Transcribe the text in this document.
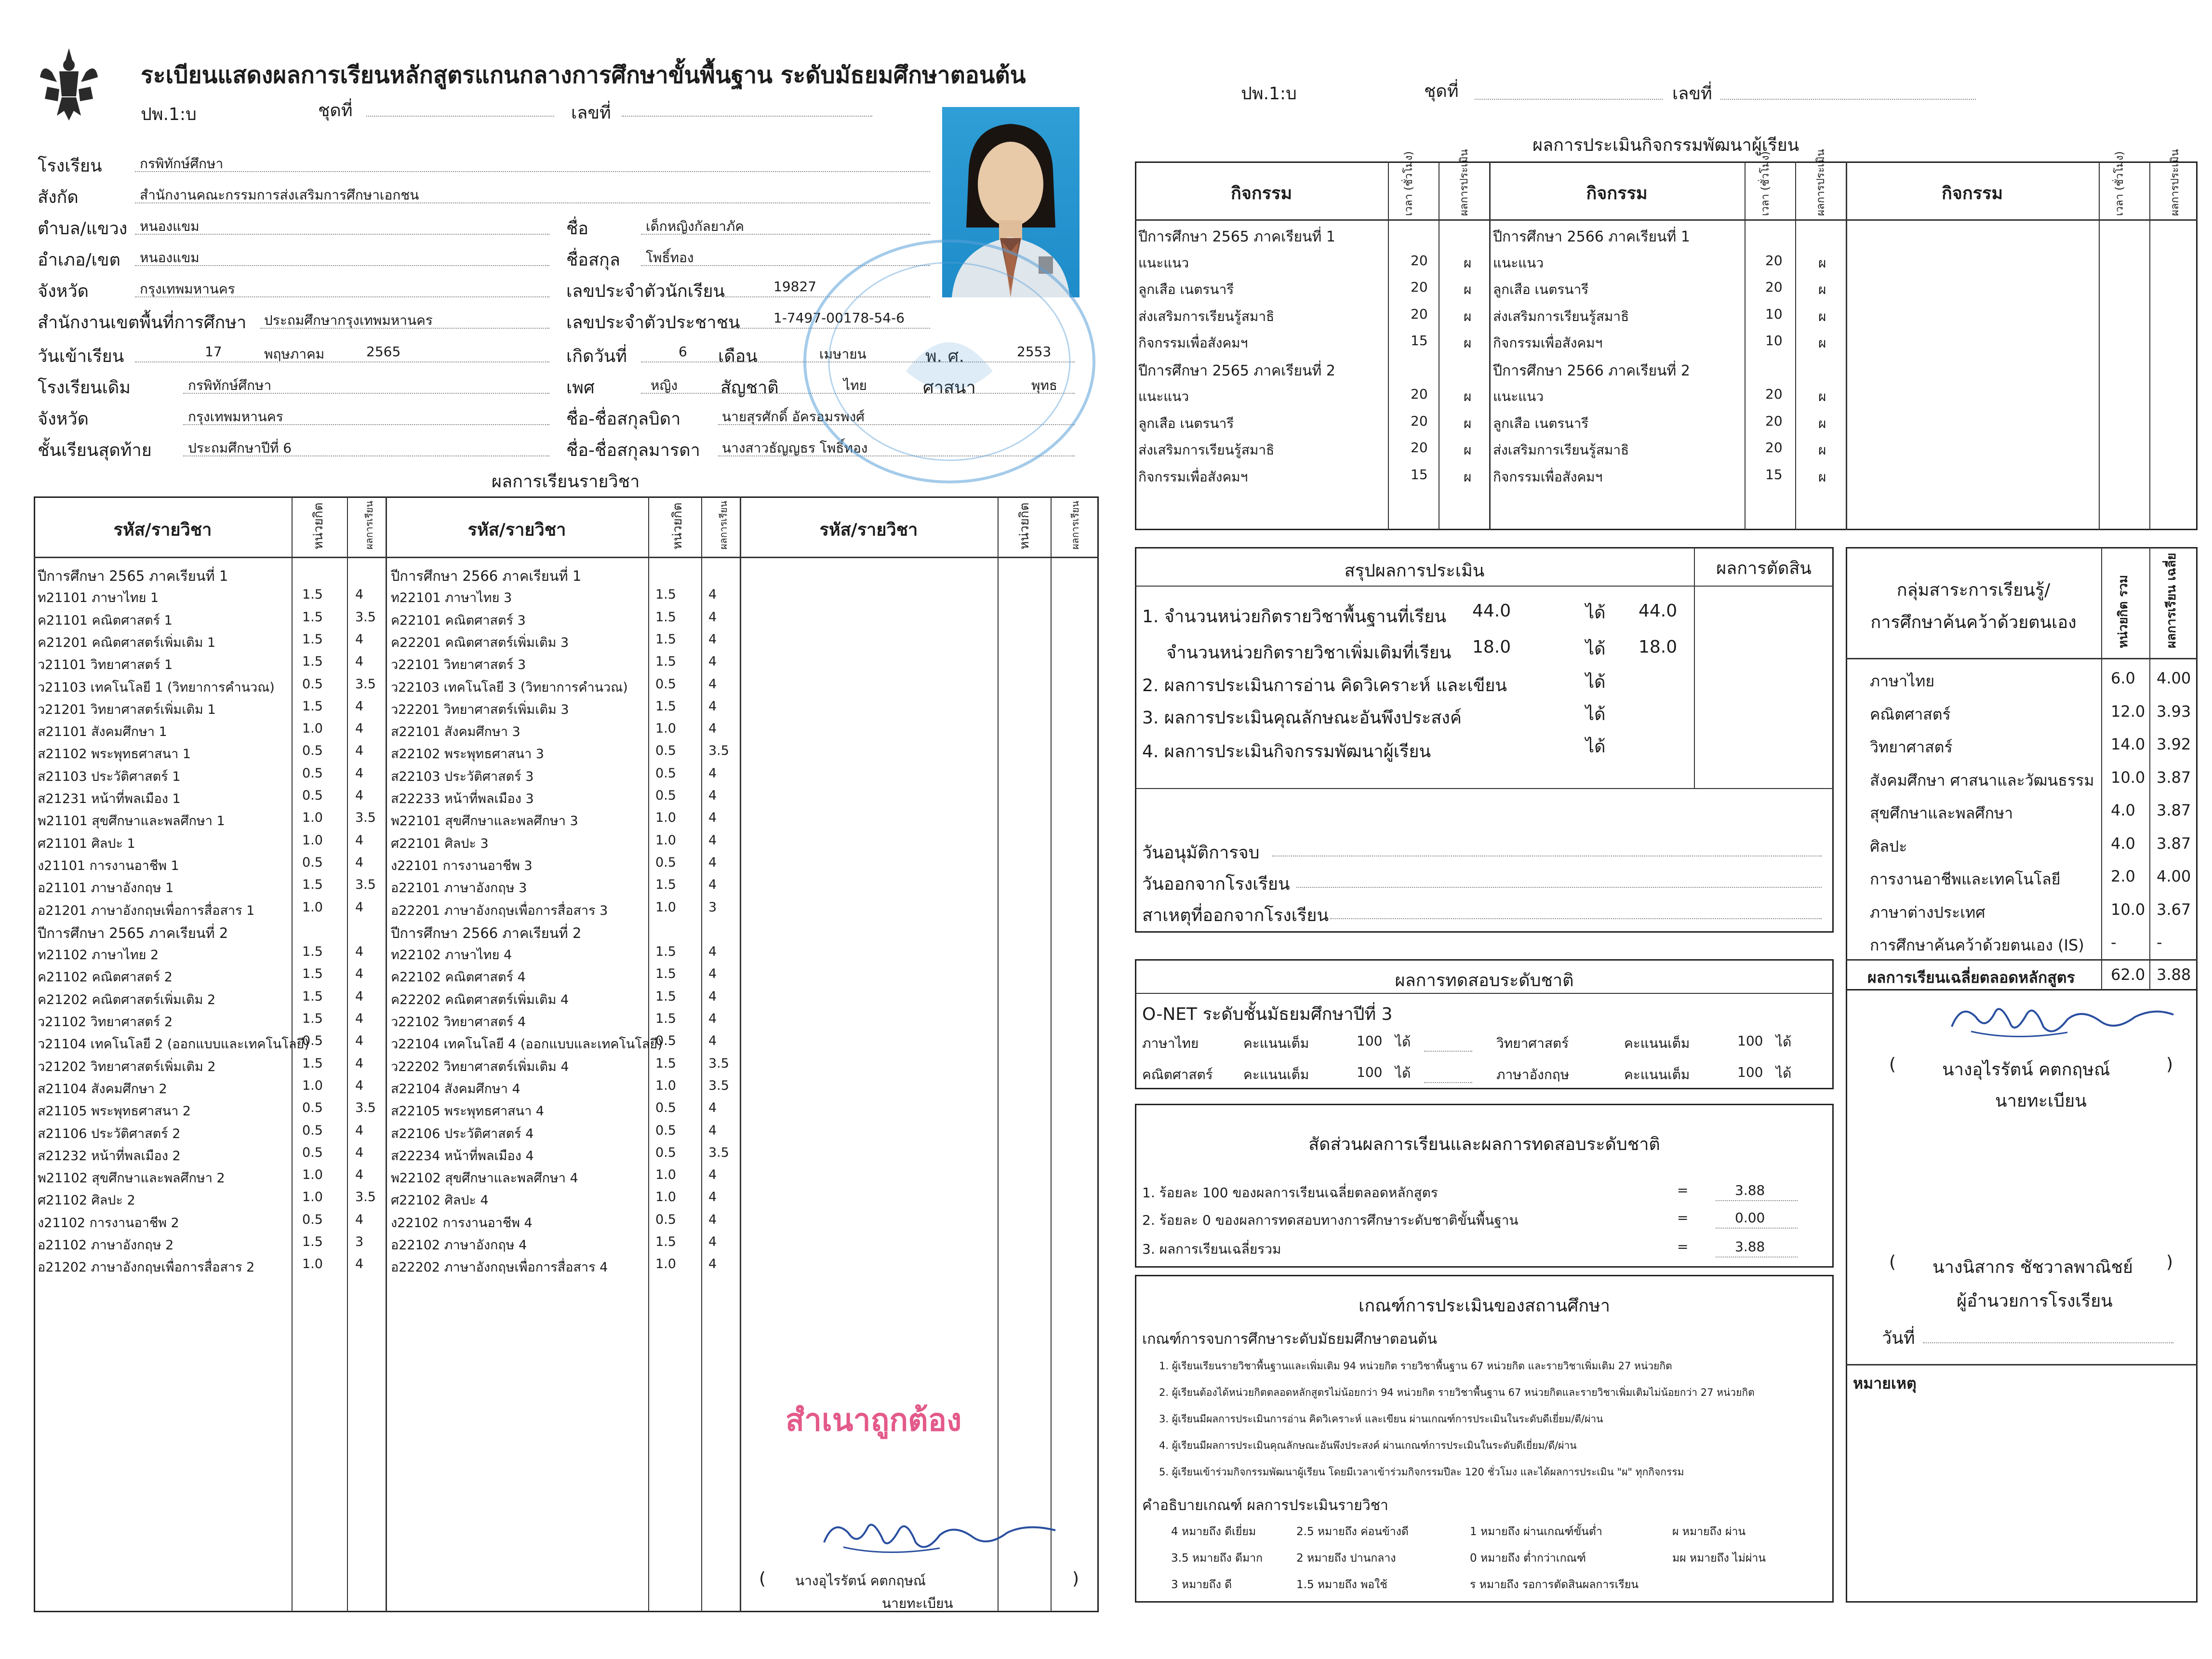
ระเบียนแสดงผลการเรียนหลักสูตรแกนกลางการศึกษาขั้นพื้นฐาน ระดับมัธยมศึกษาตอนต้น
ปพ.1:บ	ชุดที่	เลขที่
โรงเรียน	กรพิทักษ์ศึกษา
สังกัด	สำนักงานคณะกรรมการส่งเสริมการศึกษาเอกชน
ตำบล/แขวง หนองแขม
อำเภอ/เขต หนองแขม
จังหวัด	กรุงเทพมหานคร
สำนักงานเขตพื้นที่การศึกษา ประถมศึกษากรุงเทพมหานคร
วันเข้าเรียน	17	พฤษภาคม	2565
โรงเรียนเดิม	กรพิทักษ์ศึกษา
จังหวัด	กรุงเทพมหานคร
ชั้นเรียนสุดท้าย	ประถมศึกษาปีที่ 6
ชื่อ	เด็กหญิงกัลยาภัค
ชื่อสกุล โพธิ์ทอง
เลขประจำตัวนักเรียน	19827
เลขประจำตัวประชาชน 1-7497-00178-54-6
เกิดวันที่	6 เดือน	เมษายน	พ. ศ.	2553
เพศ	หญิง สัญชาติ	ไทย	ศาสนา	พุทธ
ชื่อ-ชื่อสกุลบิดา	นายสุรศักดิ์ อัครอมรพงศ์
ชื่อ-ชื่อสกุลมารดา นางสาวธัญญธร โพธิ์ทอง
ผลการเรียนรายวิชา
รหัส/รายวิชา	หน่วยกิต	ผลการเรียน	รหัส/รายวิชา	หน่วยกิต	ผลการเรียน	รหัส/รายวิชา	หน่วยกิต	ผลการเรียน
ปีการศึกษา 2565 ภาคเรียนที่ 1
ท21101 ภาษาไทย 1	1.5 4
ค21101 คณิตศาสตร์ 1	1.5 3.5
ค21201 คณิตศาสตร์เพิ่มเติม 1	1.5 4
ว21101 วิทยาศาสตร์ 1	1.5 4
ว21103 เทคโนโลยี 1 (วิทยาการคำนวณ) 0.5 3.5
ว21201 วิทยาศาสตร์เพิ่มเติม 1	1.5 4
ส21101 สังคมศึกษา 1	1.0 4
ส21102 พระพุทธศาสนา 1	0.5 4
ส21103 ประวัติศาสตร์ 1	0.5 4
ส21231 หน้าที่พลเมือง 1	0.5 4
พ21101 สุขศึกษาและพลศึกษา 1	1.0 3.5
ศ21101 ศิลปะ 1	1.0 4
ง21101 การงานอาชีพ 1	0.5 4
อ21101 ภาษาอังกฤษ 1	1.5 3.5
อ21201 ภาษาอังกฤษเพื่อการสื่อสาร 1	1.0 4
ปีการศึกษา 2565 ภาคเรียนที่ 2
ท21102 ภาษาไทย 2	1.5 4
ค21102 คณิตศาสตร์ 2	1.5 4
ค21202 คณิตศาสตร์เพิ่มเติม 2	1.5 4
ว21102 วิทยาศาสตร์ 2	1.5 4
ว21104 เทคโนโลยี 2 (ออกแบบและเทคโนโลยี)
0.5 4
ว21202 วิทยาศาสตร์เพิ่มเติม 2	1.5 4
ส21104 สังคมศึกษา 2	1.0 4
ส21105 พระพุทธศาสนา 2	0.5 3.5
ส21106 ประวัติศาสตร์ 2	0.5 4
ส21232 หน้าที่พลเมือง 2	0.5 4
พ21102 สุขศึกษาและพลศึกษา 2	1.0 4
ศ21102 ศิลปะ 2	1.0 3.5
ง21102 การงานอาชีพ 2	0.5 4
อ21102 ภาษาอังกฤษ 2	1.5 3
อ21202 ภาษาอังกฤษเพื่อการสื่อสาร 2	1.0 4
ปีการศึกษา 2566 ภาคเรียนที่ 1
ท22101 ภาษาไทย 3	1.5 4
ค22101 คณิตศาสตร์ 3	1.5 4
ค22201 คณิตศาสตร์เพิ่มเติม 3	1.5 4
ว22101 วิทยาศาสตร์ 3	1.5 4
ว22103 เทคโนโลยี 3 (วิทยาการคำนวณ) 0.5 4
ว22201 วิทยาศาสตร์เพิ่มเติม 3	1.5 4
ส22101 สังคมศึกษา 3	1.0 4
ส22102 พระพุทธศาสนา 3	0.5 3.5
ส22103 ประวัติศาสตร์ 3	0.5 4
ส22233 หน้าที่พลเมือง 3	0.5 4
พ22101 สุขศึกษาและพลศึกษา 3	1.0 4
ศ22101 ศิลปะ 3	1.0 4
ง22101 การงานอาชีพ 3	0.5 4
อ22101 ภาษาอังกฤษ 3	1.5 4
อ22201 ภาษาอังกฤษเพื่อการสื่อสาร 3	1.0 3
ปีการศึกษา 2566 ภาคเรียนที่ 2
ท22102 ภาษาไทย 4	1.5 4
ค22102 คณิตศาสตร์ 4	1.5 4
ค22202 คณิตศาสตร์เพิ่มเติม 4	1.5 4
ว22102 วิทยาศาสตร์ 4	1.5 4
ว22104 เทคโนโลยี 4 (ออกแบบและเทคโนโลยี)
0.5 4
ว22202 วิทยาศาสตร์เพิ่มเติม 4	1.5 3.5
ส22104 สังคมศึกษา 4	1.0 3.5
ส22105 พระพุทธศาสนา 4	0.5 4
ส22106 ประวัติศาสตร์ 4	0.5 4
ส22234 หน้าที่พลเมือง 4	0.5 3.5
พ22102 สุขศึกษาและพลศึกษา 4	1.0 4
ศ22102 ศิลปะ 4	1.0 4
ง22102 การงานอาชีพ 4	0.5 4
อ22102 ภาษาอังกฤษ 4	1.5 4
อ22202 ภาษาอังกฤษเพื่อการสื่อสาร 4	1.0 4
สำเนาถูกต้อง
( นางอุไรรัตน์ คตกฤษณ์	)
นายทะเบียน
ปพ.1:บ	ชุดที่	เลขที่
ผลการประเมินกิจกรรมพัฒนาผู้เรียน
กิจกรรม	เวลา (ชั่วโมง)	ผลการประเมิน	กิจกรรม	เวลา (ชั่วโมง)	ผลการประเมิน	กิจกรรม	เวลา (ชั่วโมง)	ผลการประเมิน
ปีการศึกษา 2565 ภาคเรียนที่ 1
แนะแนว	20	ผ
ลูกเสือ เนตรนารี	20	ผ
ส่งเสริมการเรียนรู้สมาธิ	20	ผ
กิจกรรมเพื่อสังคมฯ	15	ผ
ปีการศึกษา 2565 ภาคเรียนที่ 2
แนะแนว	20	ผ
ลูกเสือ เนตรนารี	20	ผ
ส่งเสริมการเรียนรู้สมาธิ	20	ผ
กิจกรรมเพื่อสังคมฯ	15	ผ
ปีการศึกษา 2566 ภาคเรียนที่ 1
แนะแนว	20	ผ
ลูกเสือ เนตรนารี	20	ผ
ส่งเสริมการเรียนรู้สมาธิ	10	ผ
กิจกรรมเพื่อสังคมฯ	10	ผ
ปีการศึกษา 2566 ภาคเรียนที่ 2
แนะแนว	20	ผ
ลูกเสือ เนตรนารี	20	ผ
ส่งเสริมการเรียนรู้สมาธิ	20	ผ
กิจกรรมเพื่อสังคมฯ	15	ผ
สรุปผลการประเมิน	ผลการตัดสิน
1. จำนวนหน่วยกิตรายวิชาพื้นฐานที่เรียน 44.0	ได้ 44.0
จำนวนหน่วยกิตรายวิชาเพิ่มเติมที่เรียน 18.0	ได้ 18.0
2. ผลการประเมินการอ่าน คิดวิเคราะห์ และเขียน	ได้
3. ผลการประเมินคุณลักษณะอันพึงประสงค์	ได้
4. ผลการประเมินกิจกรรมพัฒนาผู้เรียน	ได้
วันอนุมัติการจบ
วันออกจากโรงเรียน
สาเหตุที่ออกจากโรงเรียน
กลุ่มสาระการเรียนรู้/
การศึกษาค้นคว้าด้วยตนเอง	หน่วยกิต รวม	ผลการเรียน เฉลี่ย
ภาษาไทย	6.0 4.00
คณิตศาสตร์	12.0 3.93
วิทยาศาสตร์	14.0 3.92
สังคมศึกษา ศาสนาและวัฒนธรรม 10.0 3.87
สุขศึกษาและพลศึกษา	4.0 3.87
ศิลปะ	4.0 3.87
การงานอาชีพและเทคโนโลยี	2.0 4.00
ภาษาต่างประเทศ	10.0 3.67
การศึกษาค้นคว้าด้วยตนเอง (IS) -	-
ผลการเรียนเฉลี่ยตลอดหลักสูตร 62.0 3.88
ผลการทดสอบระดับชาติ
O-NET ระดับชั้นมัธยมศึกษาปีที่ 3
ภาษาไทย	คะแนนเต็ม	100 ได้	วิทยาศาสตร์	คะแนนเต็ม	100 ได้
คณิตศาสตร์ คะแนนเต็ม	100 ได้	ภาษาอังกฤษ	คะแนนเต็ม	100 ได้
สัดส่วนผลการเรียนและผลการทดสอบระดับชาติ
1. ร้อยละ 100 ของผลการเรียนเฉลี่ยตลอดหลักสูตร	=	3.88
2. ร้อยละ 0 ของผลการทดสอบทางการศึกษาระดับชาติขั้นพื้นฐาน	=	0.00
3. ผลการเรียนเฉลี่ยรวม	=	3.88
เกณฑ์การประเมินของสถานศึกษา
เกณฑ์การจบการศึกษาระดับมัธยมศึกษาตอนต้น
1. ผู้เรียนเรียนรายวิชาพื้นฐานและเพิ่มเติม 94 หน่วยกิต รายวิชาพื้นฐาน 67 หน่วยกิต และรายวิชาเพิ่มเติม 27 หน่วยกิต
2. ผู้เรียนต้องได้หน่วยกิตตลอดหลักสูตรไม่น้อยกว่า 94 หน่วยกิต รายวิชาพื้นฐาน 67 หน่วยกิตและรายวิชาเพิ่มเติมไม่น้อยกว่า 27 หน่วยกิต
3. ผู้เรียนมีผลการประเมินการอ่าน คิดวิเคราะห์ และเขียน ผ่านเกณฑ์การประเมินในระดับดีเยี่ยม/ดี/ผ่าน
4. ผู้เรียนมีผลการประเมินคุณลักษณะอันพึงประสงค์ ผ่านเกณฑ์การประเมินในระดับดีเยี่ยม/ดี/ผ่าน
5. ผู้เรียนเข้าร่วมกิจกรรมพัฒนาผู้เรียน โดยมีเวลาเข้าร่วมกิจกรรมปีละ 120 ชั่วโมง และได้ผลการประเมิน "ผ" ทุกกิจกรรม
คำอธิบายเกณฑ์ ผลการประเมินรายวิชา
4 หมายถึง ดีเยี่ยม	2.5 หมายถึง ค่อนข้างดี	1 หมายถึง ผ่านเกณฑ์ขั้นต่ำ	ผ หมายถึง ผ่าน
3.5 หมายถึง ดีมาก	2 หมายถึง ปานกลาง	0 หมายถึง ต่ำกว่าเกณฑ์	มผ หมายถึง ไม่ผ่าน
3 หมายถึง ดี	1.5 หมายถึง พอใช้	ร หมายถึง รอการตัดสินผลการเรียน
(	นางอุไรรัตน์ คตกฤษณ์	)
นายทะเบียน
( นางนิสากร ชัชวาลพาณิชย์ )
ผู้อำนวยการโรงเรียน
วันที่
หมายเหตุ
